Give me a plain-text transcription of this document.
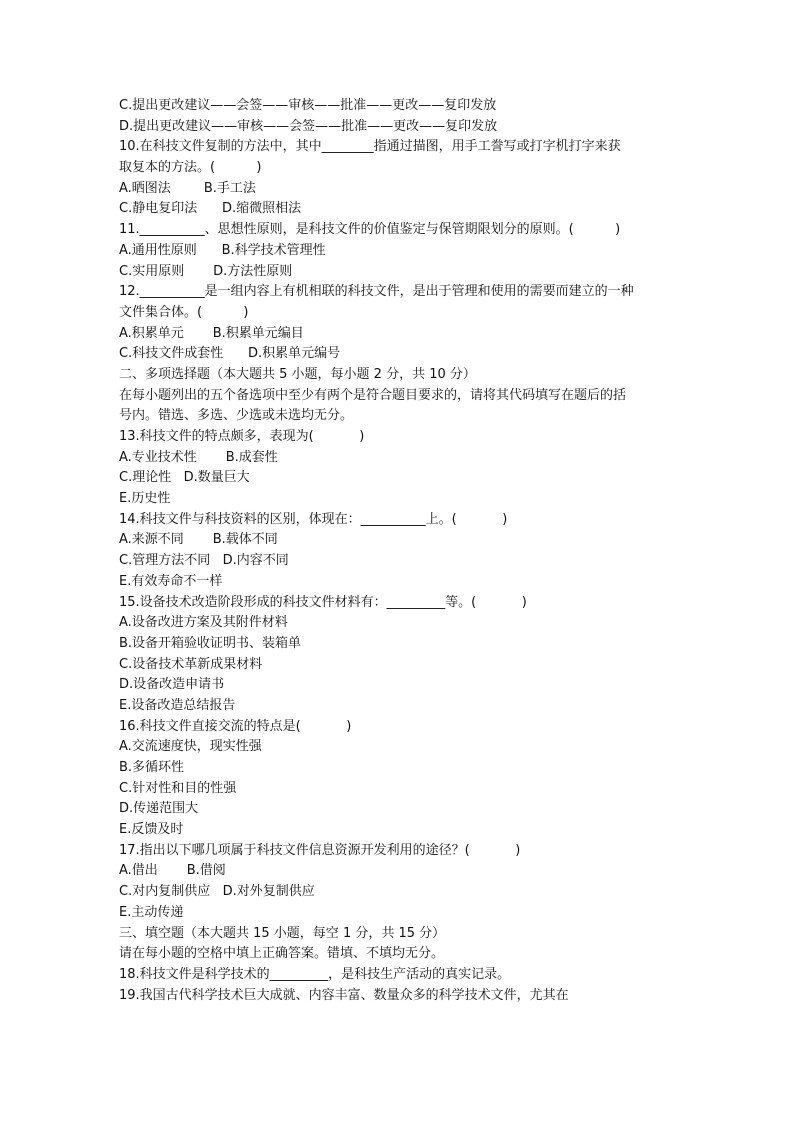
C.提出更改建议——会签——审核——批准——更改——复印发放
D.提出更改建议——审核——会签——批准——更改——复印发放
10.在科技文件复制的方法中，其中________指通过描图，用手工誊写或打字机打字来获
取复本的方法。(          )
A.晒图法        B.手工法
C.静电复印法      D.缩微照相法
11.__________、思想性原则，是科技文件的价值鉴定与保管期限划分的原则。(          )
A.通用性原则      B.科学技术管理性
C.实用原则       D.方法性原则
12.__________是一组内容上有机相联的科技文件，是出于管理和使用的需要而建立的一种
文件集合体。(          )
A.积累单元       B.积累单元编目
C.科技文件成套性      D.积累单元编号
二、多项选择题（本大题共 5 小题，每小题 2 分，共 10 分）
在每小题列出的五个备选项中至少有两个是符合题目要求的，请将其代码填写在题后的括
号内。错选、多选、少选或未选均无分。
13.科技文件的特点颇多，表现为(           )
A.专业技术性       B.成套性
C.理论性   D.数量巨大
E.历史性
14.科技文件与科技资料的区别，体现在：__________上。(           )
A.来源不同       B.载体不同
C.管理方法不同   D.内容不同
E.有效寿命不一样
15.设备技术改造阶段形成的科技文件材料有：_________等。(           )
A.设备改进方案及其附件材料
B.设备开箱验收证明书、装箱单
C.设备技术革新成果材料
D.设备改造申请书
E.设备改造总结报告
16.科技文件直接交流的特点是(           )
A.交流速度快，现实性强
B.多循环性
C.针对性和目的性强
D.传递范围大
E.反馈及时
17.指出以下哪几项属于科技文件信息资源开发利用的途径？(           )
A.借出       B.借阅
C.对内复制供应   D.对外复制供应
E.主动传递
三、填空题（本大题共 15 小题，每空 1 分，共 15 分）
请在每小题的空格中填上正确答案。错填、不填均无分。
18.科技文件是科学技术的_________，是科技生产活动的真实记录。
19.我国古代科学技术巨大成就、内容丰富、数量众多的科学技术文件，尤其在
